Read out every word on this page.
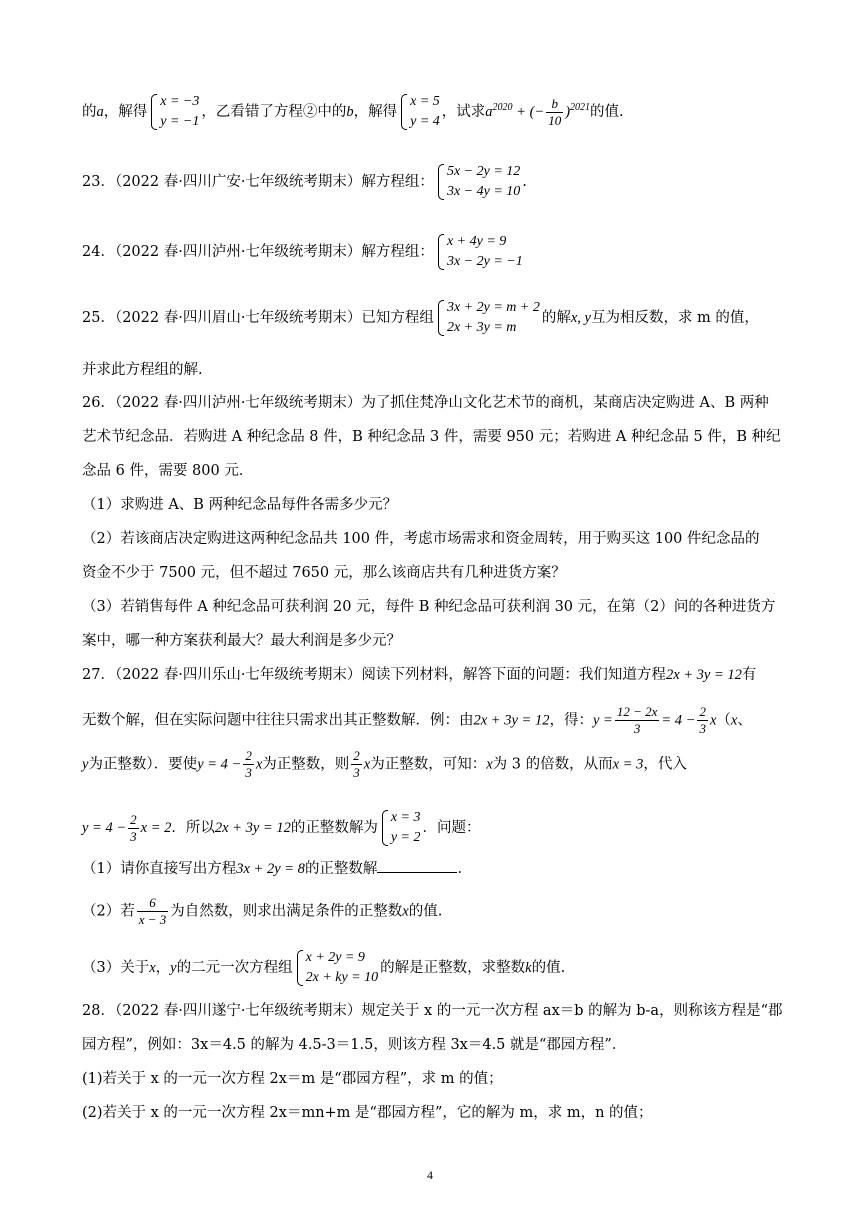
的a，解得
x = −3
y = −1
，乙看错了方程②中的b，解得
x = 5
y = 4
，试求$a^{2020}$ + (− $\frac{b}{10} )^{2021}$的值.
23．（2022 春·四川广安·七年级统考期末）解方程组：
5x − 2y = 12
3x − 4y = 10
.
24．（2022 春·四川泸州·七年级统考期末）解方程组：
x + 4y = 9
3x − 2y = −1
25．（2022 春·四川眉山·七年级统考期末）已知方程组
3x + 2y = m + 2
2x + 3y = m
的解x, y互为相反数，求 m 的值，
并求此方程组的解.
26．（2022 春·四川泸州·七年级统考期末）为了抓住梵净山文化艺术节的商机，某商店决定购进 A、B 两种
艺术节纪念品．若购进 A 种纪念品 8 件，B 种纪念品 3 件，需要 950 元；若购进 A 种纪念品 5 件，B 种纪
念品 6 件，需要 800 元．
（1）求购进 A、B 两种纪念品每件各需多少元？
（2）若该商店决定购进这两种纪念品共 100 件，考虑市场需求和资金周转，用于购买这 100 件纪念品的
资金不少于 7500 元，但不超过 7650 元，那么该商店共有几种进货方案？
（3）若销售每件 A 种纪念品可获利润 20 元，每件 B 种纪念品可获利润 30 元，在第（2）问的各种进货方
案中，哪一种方案获利最大？最大利润是多少元？
27．（2022 春·四川乐山·七年级统考期末）阅读下列材料，解答下面的问题：我们知道方程2x + 3y = 12有
无数个解，但在实际问题中往往只需求出其正整数解．例：由2x + 3y = 12，得：$y = \frac{12 - 2x}{3} = 4 - \frac{2}{3} x(x$、
y为正整数）．要使$y = 4 - \frac{2}{3}$ x为正整数，则 $\frac{2}{3}$ x为正整数，可知：x为 3 的倍数，从而x = 3，代入
$y = 4 - \frac{2}{3}$ x = 2．所以2x + 3y = 12的正整数解为
x = 3
y = 2
．问题：
（1）请你直接写出方程3x + 2y = 8的正整数解	．
（2）若 $\frac{6}{x - 3}$ 为自然数，则求出满足条件的正整数x的值.
（3）关于x，y的二元一次方程组
x + 2y = 9
2x + ky = 10
的解是正整数，求整数k的值.
28．（2022 春·四川遂宁·七年级统考期末）规定关于 x 的一元一次方程 ax＝b 的解为 b-a，则称该方程是“郡
园方程”，例如：3x＝4.5 的解为 4.5-3＝1.5，则该方程 3x＝4.5 就是“郡园方程”．
(1)若关于 x 的一元一次方程 2x＝m 是“郡园方程”，求 m 的值；
(2)若关于 x 的一元一次方程 2x＝mn+m 是“郡园方程”，它的解为 m，求 m，n 的值；
4
